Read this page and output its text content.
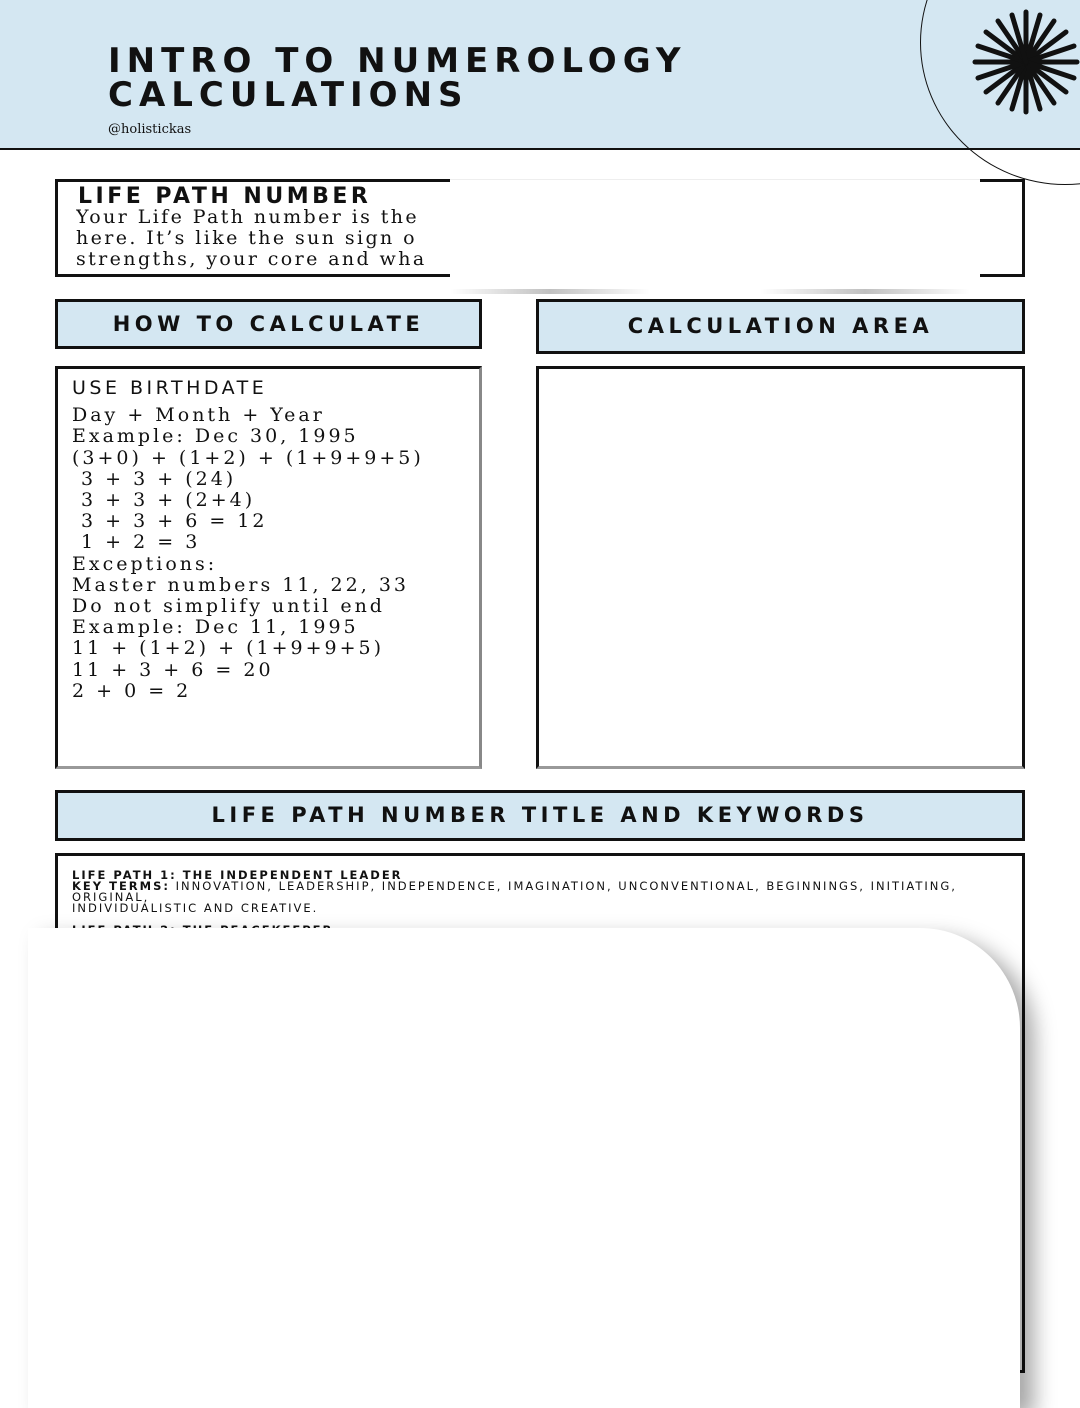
INTRO TO NUMEROLOGY
CALCULATIONS
@holistickas
LIFE PATH NUMBER
Your Life Path number is the
here. It’s like the sun sign o
strengths, your core and wha
HOW TO CALCULATE	CALCULATION AREA
USE BIRTHDATE
Day + Month + Year
Example: Dec 30, 1995
(3+0) + (1+2) + (1+9+9+5)
3 + 3 + (24)
3 + 3 + (2+4)
3 + 3 + 6 = 12
1 + 2 = 3
Exceptions:
Master numbers 11, 22, 33
Do not simplify until end
Example: Dec 11, 1995
11 + (1+2) + (1+9+9+5)
11 + 3 + 6 = 20
2 + 0 = 2
LIFE PATH NUMBER TITLE AND KEYWORDS
LIFE PATH 1: THE INDEPENDENT LEADER
KEY TERMS: INNOVATION, LEADERSHIP, INDEPENDENCE, IMAGINATION, UNCONVENTIONAL, BEGINNINGS, INITIATING, ORIGINAL,
INDIVIDUALISTIC AND CREATIVE.
